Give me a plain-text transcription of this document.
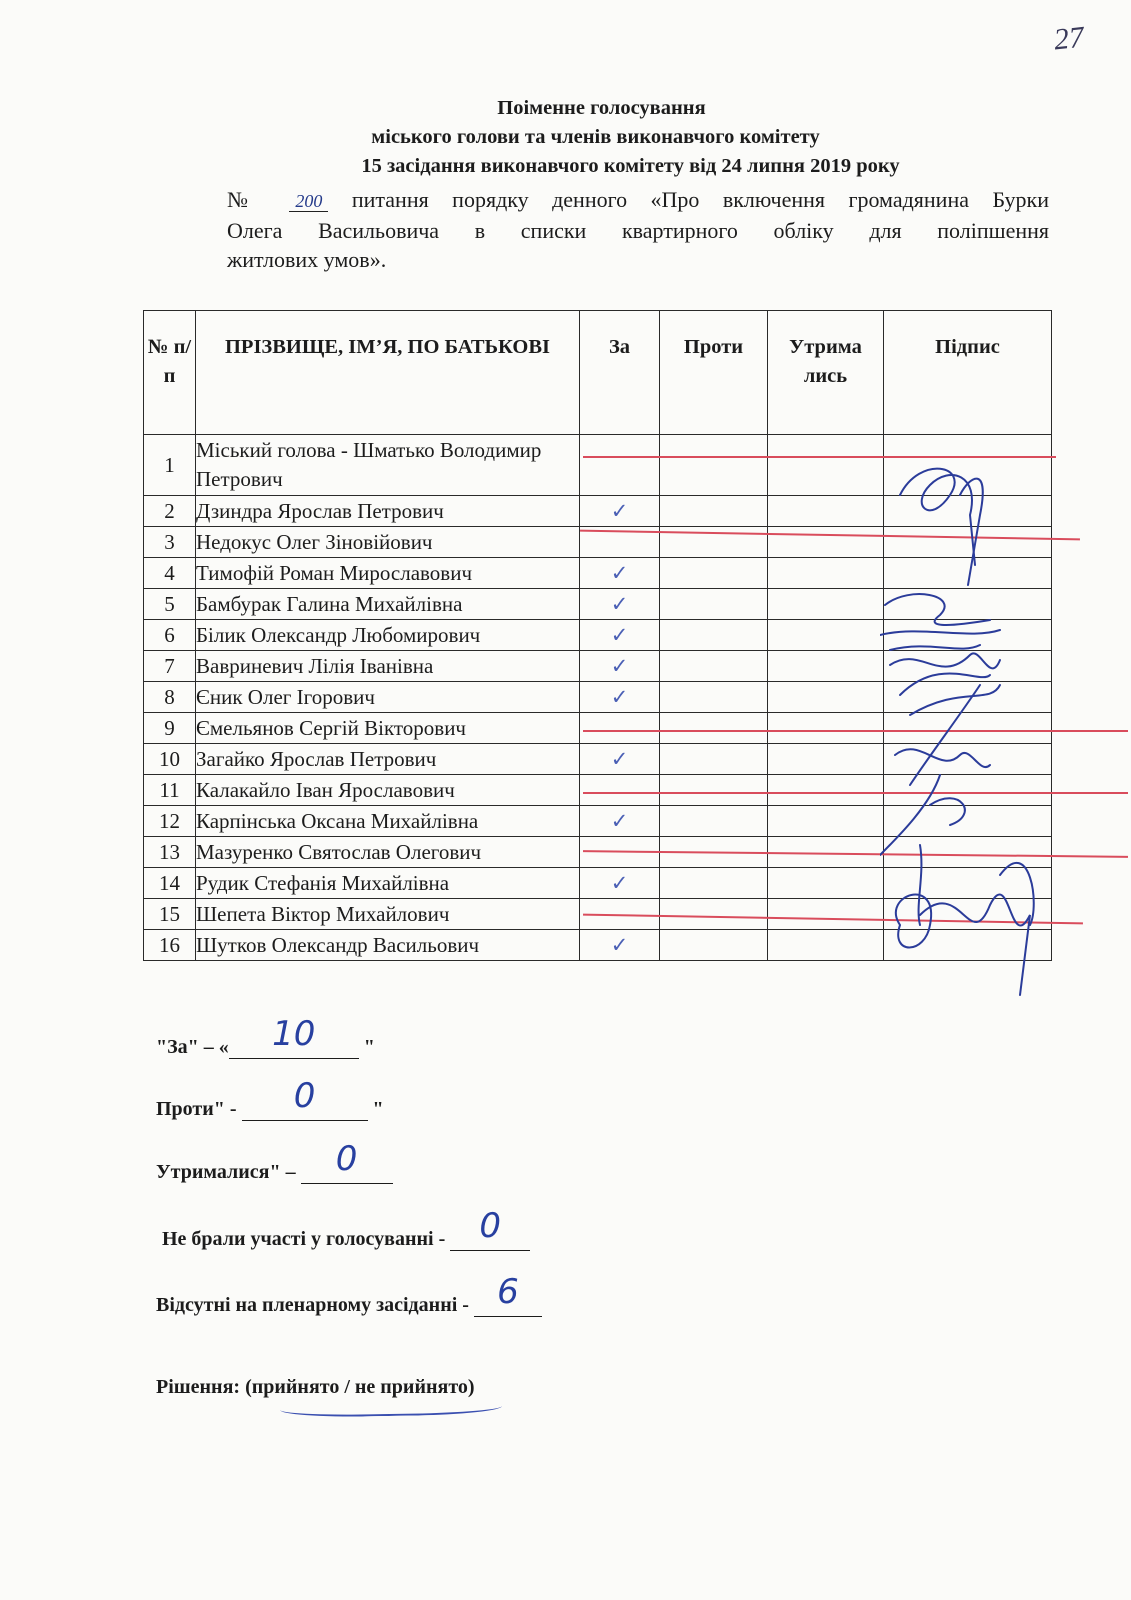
27
Поіменне голосування
міського голови та членів виконавчого комітету
15 засідання виконавчого комітету від 24 липня 2019 року
№ 200 питання порядку денного «Про включення громадянина Бурки
Олега Васильовича в списки квартирного обліку для поліпшення
житлових умов».
№ п/п	ПРІЗВИЩЕ, ІМ’Я, ПО БАТЬКОВІ	За	Проти	Утрима лись	Підпис
1	Міський голова - Шматько Володимир Петрович				
2	Дзиндра Ярослав Петрович	✓			
3	Недокус Олег Зіновійович				
4	Тимофій Роман Мирославович	✓			
5	Бамбурак Галина Михайлівна	✓			
6	Білик Олександр Любомирович	✓			
7	Вавриневич Лілія Іванівна	✓			
8	Єник Олег Ігорович	✓			
9	Ємельянов Сергій Вікторович				
10	Загайко Ярослав Петрович	✓			
11	Калакайло Іван Ярославович				
12	Карпінська Оксана Михайлівна	✓			
13	Мазуренко Святослав Олегович				
14	Рудик Стефанія Михайлівна	✓			
15	Шепета Віктор Михайлович				
16	Шутков Олександр Васильович	✓			
"За" – « 10 "
Проти" - 0	"
Утрималися" – 0
Не брали участі у голосуванні - 0
Відсутні на пленарному засіданні - 6
Рішення: (прийнято / не прийнято)
